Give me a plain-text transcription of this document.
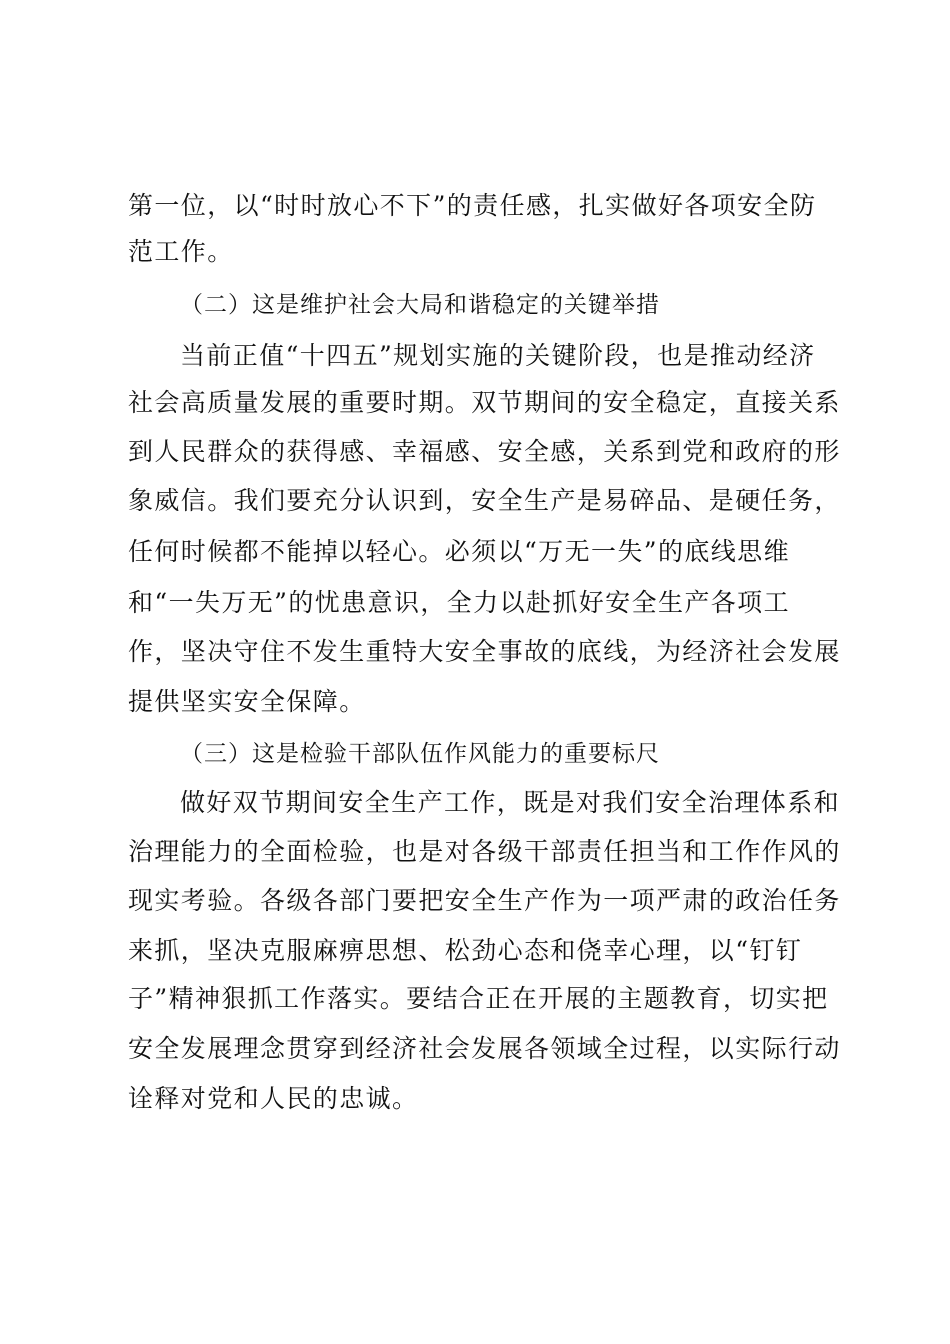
第一位，以“时时放心不下”的责任感，扎实做好各项安全防
范工作。
（二）这是维护社会大局和谐稳定的关键举措
当前正值“十四五”规划实施的关键阶段，也是推动经济
社会高质量发展的重要时期。双节期间的安全稳定，直接关系
到人民群众的获得感、幸福感、安全感，关系到党和政府的形
象威信。我们要充分认识到，安全生产是易碎品、是硬任务，
任何时候都不能掉以轻心。必须以“万无一失”的底线思维
和“一失万无”的忧患意识，全力以赴抓好安全生产各项工
作，坚决守住不发生重特大安全事故的底线，为经济社会发展
提供坚实安全保障。
（三）这是检验干部队伍作风能力的重要标尺
做好双节期间安全生产工作，既是对我们安全治理体系和
治理能力的全面检验，也是对各级干部责任担当和工作作风的
现实考验。各级各部门要把安全生产作为一项严肃的政治任务
来抓，坚决克服麻痹思想、松劲心态和侥幸心理，以“钉钉
子”精神狠抓工作落实。要结合正在开展的主题教育，切实把
安全发展理念贯穿到经济社会发展各领域全过程，以实际行动
诠释对党和人民的忠诚。
